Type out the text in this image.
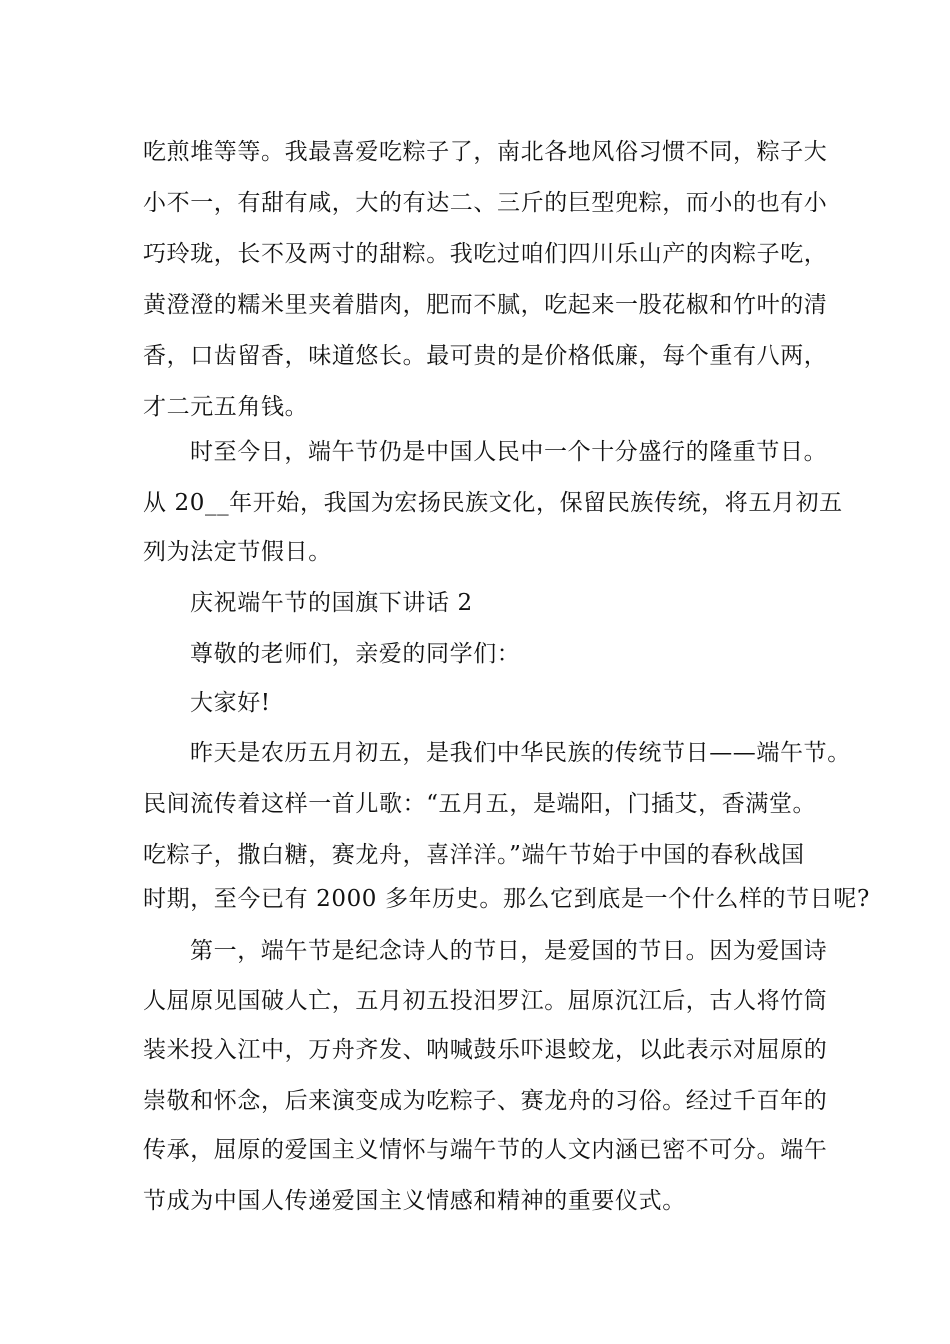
吃煎堆等等。我最喜爱吃粽子了，南北各地风俗习惯不同，粽子大
小不一，有甜有咸，大的有达二、三斤的巨型兜粽，而小的也有小
巧玲珑，长不及两寸的甜粽。我吃过咱们四川乐山产的肉粽子吃，
黄澄澄的糯米里夹着腊肉，肥而不腻，吃起来一股花椒和竹叶的清
香，口齿留香，味道悠长。最可贵的是价格低廉，每个重有八两，
才二元五角钱。
时至今日，端午节仍是中国人民中一个十分盛行的隆重节日。
从 20__年开始，我国为宏扬民族文化，保留民族传统，将五月初五
列为法定节假日。
庆祝端午节的国旗下讲话 2
尊敬的老师们，亲爱的同学们：
大家好!
昨天是农历五月初五，是我们中华民族的传统节日——端午节。
民间流传着这样一首儿歌：“五月五，是端阳，门插艾，香满堂。
吃粽子，撒白糖，赛龙舟，喜洋洋。”端午节始于中国的春秋战国
时期，至今已有 2000 多年历史。那么它到底是一个什么样的节日呢?
第一，端午节是纪念诗人的节日，是爱国的节日。因为爱国诗
人屈原见国破人亡，五月初五投汨罗江。屈原沉江后，古人将竹筒
装米投入江中，万舟齐发、呐喊鼓乐吓退蛟龙，以此表示对屈原的
崇敬和怀念，后来演变成为吃粽子、赛龙舟的习俗。经过千百年的
传承，屈原的爱国主义情怀与端午节的人文内涵已密不可分。端午
节成为中国人传递爱国主义情感和精神的重要仪式。
